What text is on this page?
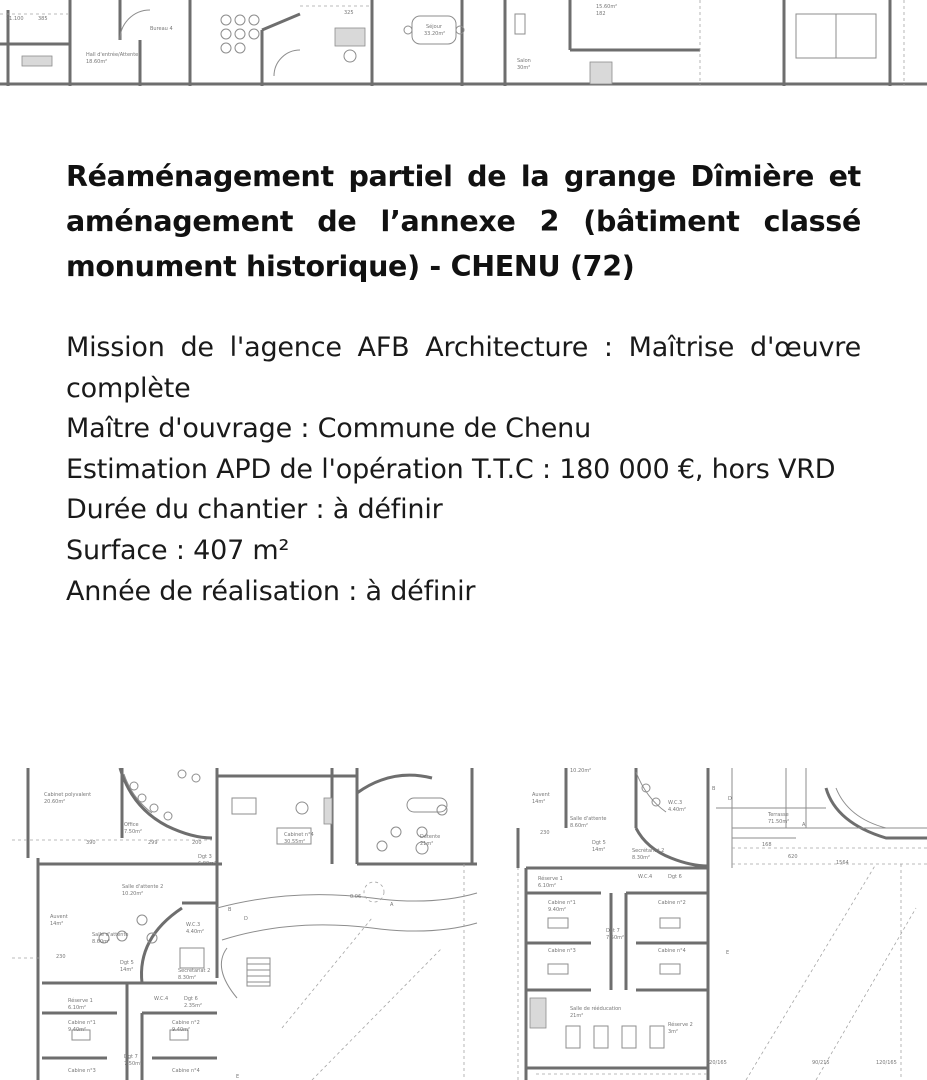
21.100	385
Hall d'entrée/Attente
18.60m²
Bureau 4
325
Séjour
33.20m²
Salon
30m²
15.60m²
182
Réaménagement partiel de la grange Dîmière et aménagement de l’annexe 2 (bâtiment classé monument historique) - CHENU (72)

Mission de l'agence AFB Architecture : Maîtrise d'œuvre complète

Maître d'ouvrage : Commune de Chenu

Estimation APD de l'opération T.T.C : 180 000 €, hors VRD

Durée du chantier : à définir

Surface : 407 m²

Année de réalisation : à définir

Cabinet polyvalent
20.60m²
Office
7.50m²
390	299	200
Dgt 3
6.80m²
Salle d'attente 2
10.20m²
Cabinet n°4
30.55m²
Détente
21m²
Auvent
14m²
Salle d'attente
8.60m²
Dgt 5
14m²
W.C.3
4.40m²
Secrétariat 2
8.30m²
230
Réserve 1
6.10m²
W.C.4	Dgt 6
2.35m²
Cabine n°1
9.40m²
Cabine n°2
9.40m²
Dgt 7
7.50m²
Cabine n°3	Cabine n°4
B
D
A
E
0.06
10.20m²
Auvent
14m²
Salle d'attente
8.60m²
W.C.3
4.40m²
Terrasse
71.50m²
230
Dgt 5
14m²	Secrétariat 2
8.30m²
168
620
1564
Réserve 1
6.10m²
W.C.4	Dgt 6
Cabine n°1
9.40m²
Cabine n°2
Dgt 7
7.50m²
Cabine n°3	Cabine n°4
Salle de rééducation
21m²
Réserve 2
3m²
B
D
A
E
120/165	90/215	120/165
